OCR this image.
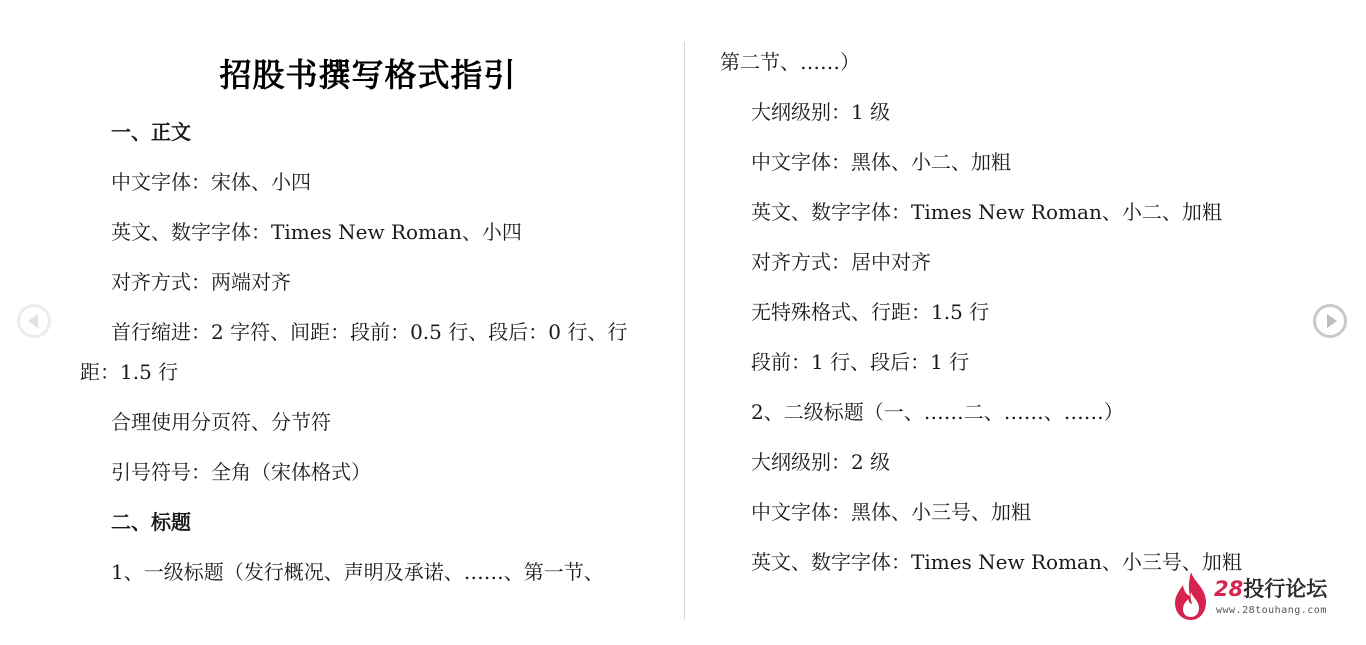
招股书撰写格式指引

一、正文

中文字体：宋体、小四

英文、数字字体：Times New Roman、小四

对齐方式：两端对齐

首行缩进：2 字符、间距：段前：0.5 行、段后：0 行、行

距：1.5 行

合理使用分页符、分节符

引号符号：全角（宋体格式）

二、标题

1、一级标题（发行概况、声明及承诺、……、第一节、

第二节、……）

大纲级别：1 级

中文字体：黑体、小二、加粗

英文、数字字体：Times New Roman、小二、加粗

对齐方式：居中对齐

无特殊格式、行距：1.5 行

段前：1 行、段后：1 行

2、二级标题（一、……二、……、……）

大纲级别：2 级

中文字体：黑体、小三号、加粗

英文、数字字体：Times New Roman、小三号、加粗

28投行论坛
www.28touhang.com
